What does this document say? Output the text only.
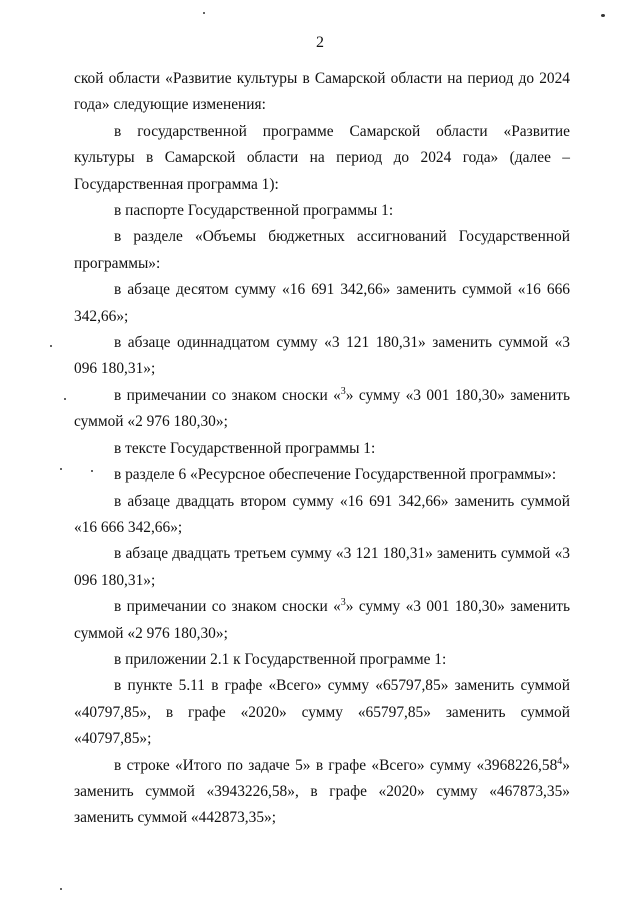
2

ской области «Развитие культуры в Самарской области на период до 2024 года» следующие изменения:

в государственной программе Самарской области «Развитие культуры в Самарской области на период до 2024 года» (далее – Государственная программа 1):

в паспорте Государственной программы 1:

в разделе «Объемы бюджетных ассигнований Государственной программы»:

в абзаце десятом сумму «16 691 342,66» заменить суммой «16 666 342,66»;

в абзаце одиннадцатом сумму «3 121 180,31» заменить суммой «3 096 180,31»;

в примечании со знаком сноски «$^3$» сумму «3 001 180,30» заменить суммой «2 976 180,30»;

в тексте Государственной программы 1:

в разделе 6 «Ресурсное обеспечение Государственной программы»:

в абзаце двадцать втором сумму «16 691 342,66» заменить суммой «16 666 342,66»;

в абзаце двадцать третьем сумму «3 121 180,31» заменить суммой «3 096 180,31»;

в примечании со знаком сноски «$^3$» сумму «3 001 180,30» заменить суммой «2 976 180,30»;

в приложении 2.1 к Государственной программе 1:

в пункте 5.11 в графе «Всего» сумму «65797,85» заменить суммой «40797,85», в графе «2020» сумму «65797,85» заменить суммой «40797,85»;

в строке «Итого по задаче 5» в графе «Всего» сумму «3968226,58$^4$» заменить суммой «3943226,58», в графе «2020» сумму «467873,35» заменить суммой «442873,35»;
